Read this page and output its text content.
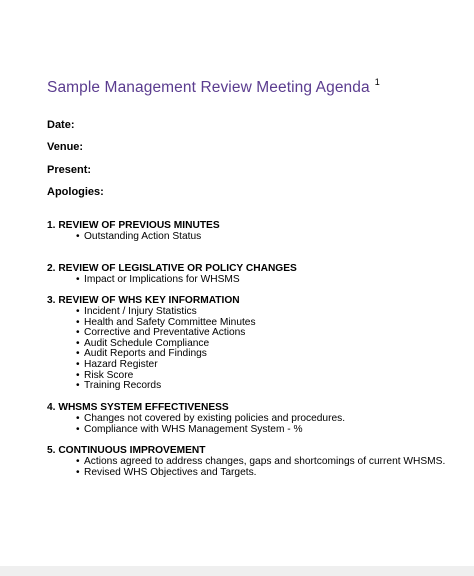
Sample Management Review Meeting Agenda $^1$
Date:
Venue:
Present:
Apologies:
1. REVIEW OF PREVIOUS MINUTES
• Outstanding Action Status
2. REVIEW OF LEGISLATIVE OR POLICY CHANGES
• Impact or Implications for WHSMS
3. REVIEW OF WHS KEY INFORMATION
• Incident / Injury Statistics
• Health and Safety Committee Minutes
• Corrective and Preventative Actions
• Audit Schedule Compliance
• Audit Reports and Findings
• Hazard Register
• Risk Score
• Training Records
4. WHSMS SYSTEM EFFECTIVENESS
• Changes not covered by existing policies and procedures.
• Compliance with WHS Management System - %
5. CONTINUOUS IMPROVEMENT
• Actions agreed to address changes, gaps and shortcomings of current WHSMS.
• Revised WHS Objectives and Targets.
